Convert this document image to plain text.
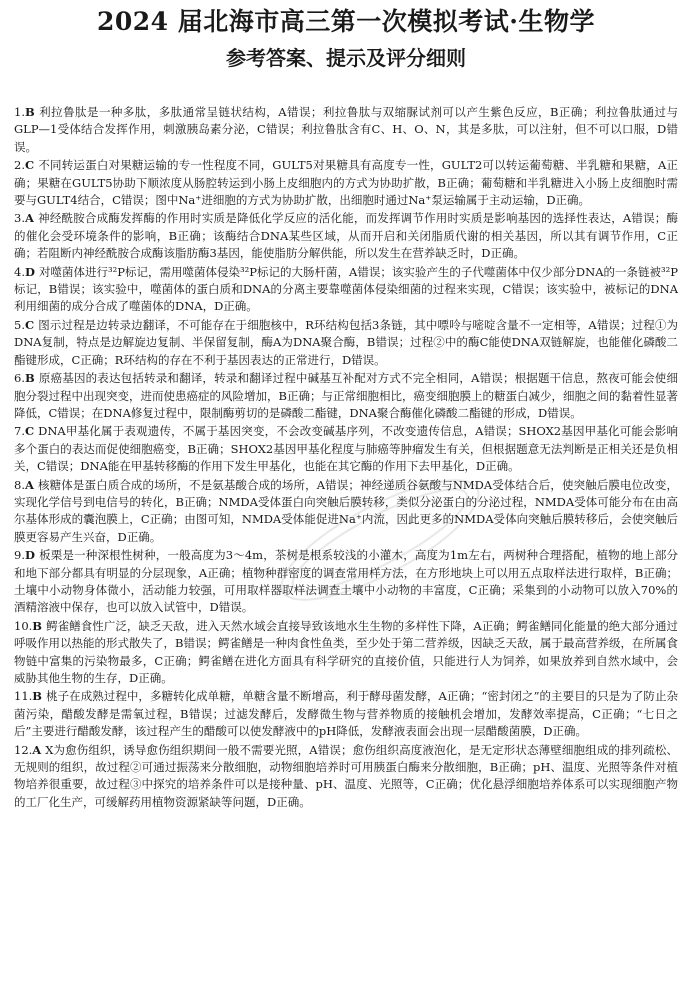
2024 届北海市高三第一次模拟考试·生物学
参考答案、提示及评分细则

1.B 利拉鲁肽是一种多肽，多肽通常呈链状结构，A错误；利拉鲁肽与双缩脲试剂可以产生紫色反应，B正确；利拉鲁肽通过与GLP—1受体结合发挥作用，刺激胰岛素分泌，C错误；利拉鲁肽含有C、H、O、N，其是多肽，可以注射，但不可以口服，D错误。

2.C 不同转运蛋白对果糖运输的专一性程度不同，GULT5对果糖具有高度专一性，GULT2可以转运葡萄糖、半乳糖和果糖，A正确；果糖在GULT5协助下顺浓度从肠腔转运到小肠上皮细胞内的方式为协助扩散，B正确；葡萄糖和半乳糖进入小肠上皮细胞时需要与GULT4结合，C错误；图中Na⁺进细胞的方式为协助扩散，出细胞时通过Na⁺泵运输属于主动运输，D正确。

3.A 神经酰胺合成酶发挥酶的作用时实质是降低化学反应的活化能，而发挥调节作用时实质是影响基因的选择性表达，A错误；酶的催化会受环境条件的影响，B正确；该酶结合DNA某些区域，从而开启和关闭脂质代谢的相关基因，所以其有调节作用，C正确；若阻断内神经酰胺合成酶该脂肪酶3基因，能使脂肪分解供能，所以发生在营养缺乏时，D正确。

4.D 对噬菌体进行³²P标记，需用噬菌体侵染³²P标记的大肠杆菌，A错误；该实验产生的子代噬菌体中仅少部分DNA的一条链被³²P标记，B错误；该实验中，噬菌体的蛋白质和DNA的分离主要靠噬菌体侵染细菌的过程来实现，C错误；该实验中，被标记的DNA利用细菌的成分合成了噬菌体的DNA，D正确。

5.C 图示过程是边转录边翻译，不可能存在于细胞核中，R环结构包括3条链，其中嘌呤与嘧啶含量不一定相等，A错误；过程①为DNA复制，特点是边解旋边复制、半保留复制，酶A为DNA聚合酶，B错误；过程②中的酶C能使DNA双链解旋，也能催化磷酸二酯键形成，C正确；R环结构的存在不利于基因表达的正常进行，D错误。

6.B 原癌基因的表达包括转录和翻译，转录和翻译过程中碱基互补配对方式不完全相同，A错误；根据题干信息，熬夜可能会使细胞分裂过程中出现突变，进而使患癌症的风险增加，B正确；与正常细胞相比，癌变细胞膜上的糖蛋白减少，细胞之间的黏着性显著降低，C错误；在DNA修复过程中，限制酶剪切的是磷酸二酯键，DNA聚合酶催化磷酸二酯键的形成，D错误。

7.C DNA甲基化属于表观遗传，不属于基因突变，不会改变碱基序列，不改变遗传信息，A错误；SHOX2基因甲基化可能会影响多个蛋白的表达而促使细胞癌变，B正确；SHOX2基因甲基化程度与肺癌等肿瘤发生有关，但根据题意无法判断是正相关还是负相关，C错误；DNA能在甲基转移酶的作用下发生甲基化，也能在其它酶的作用下去甲基化，D正确。

8.A 核糖体是蛋白质合成的场所，不是氨基酸合成的场所，A错误；神经递质谷氨酸与NMDA受体结合后，使突触后膜电位改变，实现化学信号到电信号的转化，B正确；NMDA受体蛋白向突触后膜转移，类似分泌蛋白的分泌过程，NMDA受体可能分布在由高尔基体形成的囊泡膜上，C正确；由图可知，NMDA受体能促进Na⁺内流，因此更多的NMDA受体向突触后膜转移后，会使突触后膜更容易产生兴奋，D正确。

9.D 板栗是一种深根性树种，一般高度为3～4m，茶树是根系较浅的小灌木，高度为1m左右，两树种合理搭配，植物的地上部分和地下部分都具有明显的分层现象，A正确；植物种群密度的调查常用样方法，在方形地块上可以用五点取样法进行取样，B正确；土壤中小动物身体微小，活动能力较强，可用取样器取样法调查土壤中小动物的丰富度，C正确；采集到的小动物可以放入70%的酒精溶液中保存，也可以放入试管中，D错误。

10.B 鳄雀鳝食性广泛，缺乏天敌，进入天然水域会直接导致该地水生生物的多样性下降，A正确；鳄雀鳝同化能量的绝大部分通过呼吸作用以热能的形式散失了，B错误；鳄雀鳝是一种肉食性鱼类，至少处于第二营养级，因缺乏天敌，属于最高营养级，在所属食物链中富集的污染物最多，C正确；鳄雀鳝在进化方面具有科学研究的直接价值，只能进行人为饲养，如果放养到自然水域中，会威胁其他生物的生存，D正确。

11.B 桃子在成熟过程中，多糖转化成单糖，单糖含量不断增高，利于酵母菌发酵，A正确；“密封闭之”的主要目的只是为了防止杂菌污染，醋酸发酵是需氧过程，B错误；过滤发酵后，发酵微生物与营养物质的接触机会增加，发酵效率提高，C正确；“七日之后”主要进行醋酸发酵，该过程产生的醋酸可以使发酵液中的pH降低，发酵液表面会出现一层醋酸菌膜，D正确。

12.A X为愈伤组织，诱导愈伤组织期间一般不需要光照，A错误；愈伤组织高度液泡化，是无定形状态薄壁细胞组成的排列疏松、无规则的组织，故过程②可通过振荡来分散细胞，动物细胞培养时可用胰蛋白酶来分散细胞，B正确；pH、温度、光照等条件对植物培养很重要，故过程③中探究的培养条件可以是接种量、pH、温度、光照等，C正确；优化悬浮细胞培养体系可以实现细胞产物的工厂化生产，可缓解药用植物资源紧缺等问题，D正确。
